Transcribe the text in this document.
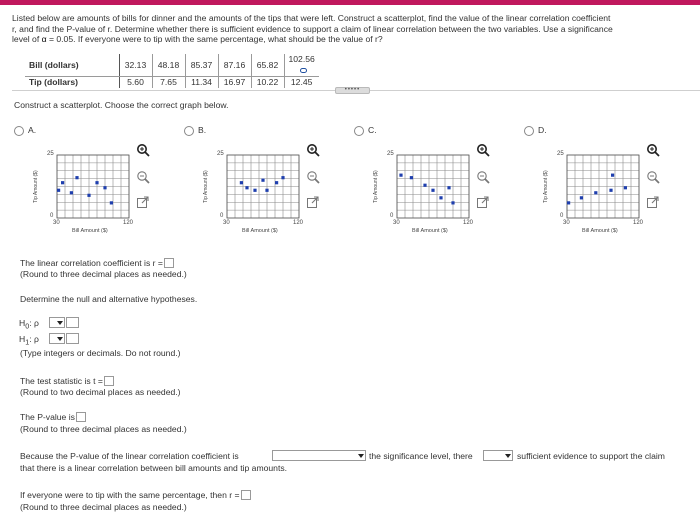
Listed below are amounts of bills for dinner and the amounts of the tips that were left. Construct a scatterplot, find the value of the linear correlation coefficient
r, and find the P-value of r. Determine whether there is sufficient evidence to support a claim of linear correlation between the two variables. Use a significance
level of α = 0.05. If everyone were to tip with the same percentage, what should be the value of r?
Bill (dollars)	32.13	48.18	85.37	87.16	65.82	102.56
Tip (dollars)	5.60	7.65	11.34	16.97	10.22	12.45
•••••
Construct a scatterplot. Choose the correct graph below.
A.
25
0
30	120
Bill Amount ($)
Tip Amount ($)
B.
25
0
30	120
Bill Amount ($)
Tip Amount ($)
C.
25
0
30	120
Bill Amount ($)
Tip Amount ($)
D.
25
0
30	120
Bill Amount ($)
Tip Amount ($)
The linear correlation coefficient is r =
(Round to three decimal places as needed.)
Determine the null and alternative hypotheses.
$H_0$: ρ
$H_1$: ρ
(Type integers or decimals. Do not round.)
The test statistic is t =
(Round to two decimal places as needed.)
The P-value is
(Round to three decimal places as needed.)
Because the P-value of the linear correlation coefficient is	the significance level, there	sufficient evidence to support the claim
that there is a linear correlation between bill amounts and tip amounts.
If everyone were to tip with the same percentage, then r =
(Round to three decimal places as needed.)
